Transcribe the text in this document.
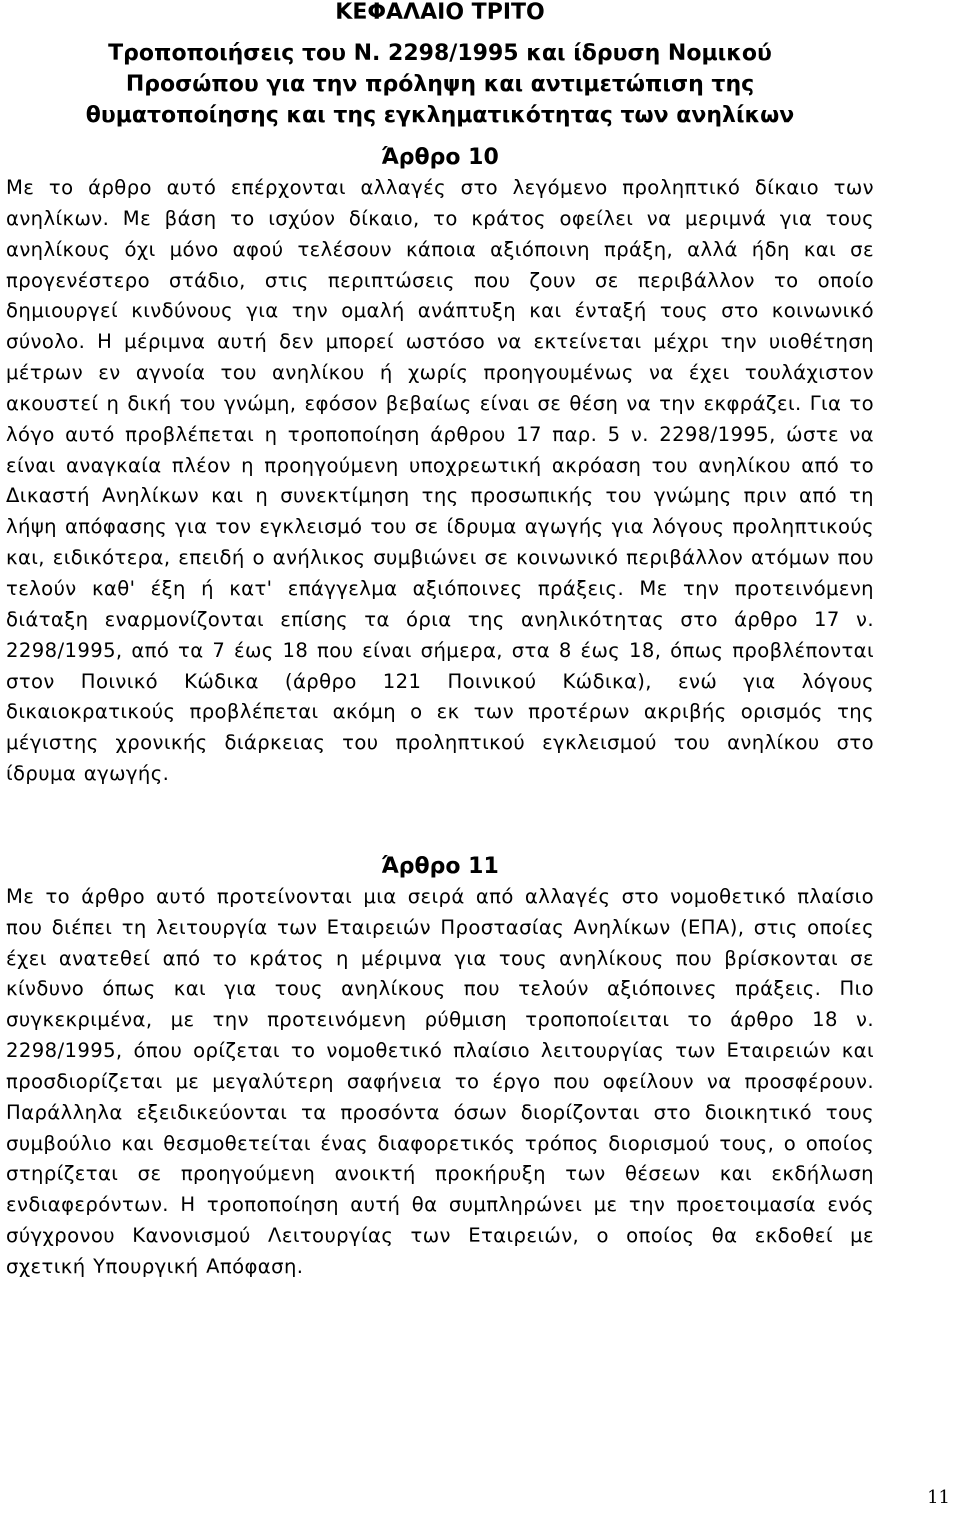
ΚΕΦΑΛΑΙΟ ΤΡΙΤΟ
Τροποποιήσεις του Ν. 2298/1995 και ίδρυση Νομικού
Προσώπου για την πρόληψη και αντιμετώπιση της
θυματοποίησης και της εγκληματικότητας των ανηλίκων
Άρθρο 10

Με το άρθρο αυτό επέρχονται αλλαγές στο λεγόμενο προληπτικό δίκαιο των ανηλίκων. Με βάση το ισχύον δίκαιο, το κράτος οφείλει να μεριμνά για τους ανηλίκους όχι μόνο αφού τελέσουν κάποια αξιόποινη πράξη, αλλά ήδη και σε προγενέστερο στάδιο, στις περιπτώσεις που ζουν σε περιβάλλον το οποίο δημιουργεί κινδύνους για την ομαλή ανάπτυξη και ένταξή τους στο κοινωνικό σύνολο. Η μέριμνα αυτή δεν μπορεί ωστόσο να εκτείνεται μέχρι την υιοθέτηση μέτρων εν αγνοία του ανηλίκου ή χωρίς προηγουμένως να έχει τουλάχιστον ακουστεί η δική του γνώμη, εφόσον βεβαίως είναι σε θέση να την εκφράζει. Για το λόγο αυτό προβλέπεται η τροποποίηση άρθρου 17 παρ. 5 ν. 2298/1995, ώστε να είναι αναγκαία πλέον η προηγούμενη υποχρεωτική ακρόαση του ανηλίκου από το Δικαστή Ανηλίκων και η συνεκτίμηση της προσωπικής του γνώμης πριν από τη λήψη απόφασης για τον εγκλεισμό του σε ίδρυμα αγωγής για λόγους προληπτικούς και, ειδικότερα, επειδή ο ανήλικος συμβιώνει σε κοινωνικό περιβάλλον ατόμων που τελούν καθ' έξη ή κατ' επάγγελμα αξιόποινες πράξεις. Με την προτεινόμενη διάταξη εναρμονίζονται επίσης τα όρια της ανηλικότητας στο άρθρο 17 ν. 2298/1995, από τα 7 έως 18 που είναι σήμερα, στα 8 έως 18, όπως προβλέπονται στον Ποινικό Κώδικα (άρθρο 121 Ποινικού Κώδικα), ενώ για λόγους δικαιοκρατικούς προβλέπεται ακόμη ο εκ των προτέρων ακριβής ορισμός της μέγιστης χρονικής διάρκειας του προληπτικού εγκλεισμού του ανηλίκου στο ίδρυμα αγωγής.

Άρθρο 11

Με το άρθρο αυτό προτείνονται μια σειρά από αλλαγές στο νομοθετικό πλαίσιο που διέπει τη λειτουργία των Εταιρειών Προστασίας Ανηλίκων (ΕΠΑ), στις οποίες έχει ανατεθεί από το κράτος η μέριμνα για τους ανηλίκους που βρίσκονται σε κίνδυνο όπως και για τους ανηλίκους που τελούν αξιόποινες πράξεις. Πιο συγκεκριμένα, με την προτεινόμενη ρύθμιση τροποποίειται το άρθρο 18 ν. 2298/1995, όπου ορίζεται το νομοθετικό πλαίσιο λειτουργίας των Εταιρειών και προσδιορίζεται με μεγαλύτερη σαφήνεια το έργο που οφείλουν να προσφέρουν. Παράλληλα εξειδικεύονται τα προσόντα όσων διορίζονται στο διοικητικό τους συμβούλιο και θεσμοθετείται ένας διαφορετικός τρόπος διορισμού τους, ο οποίος στηρίζεται σε προηγούμενη ανοικτή προκήρυξη των θέσεων και εκδήλωση ενδιαφερόντων. Η τροποποίηση αυτή θα συμπληρώνει με την προετοιμασία ενός σύγχρονου Κανονισμού Λειτουργίας των Εταιρειών, ο οποίος θα εκδοθεί με σχετική Υπουργική Απόφαση.

11
